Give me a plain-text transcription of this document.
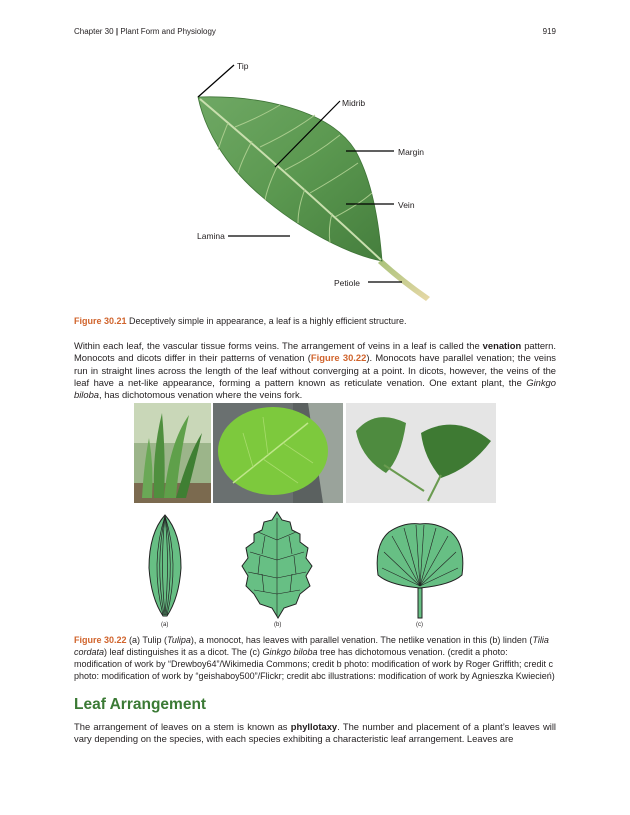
Chapter 30 | Plant Form and Physiology	919
Tip
Midrib
Margin
Vein
Lamina
Petiole
Figure 30.21 Deceptively simple in appearance, a leaf is a highly efficient structure.
Within each leaf, the vascular tissue forms veins. The arrangement of veins in a leaf is called the venation pattern. Monocots and dicots differ in their patterns of venation (Figure 30.22). Monocots have parallel venation; the veins run in straight lines across the length of the leaf without converging at a point. In dicots, however, the veins of the leaf have a net-like appearance, forming a pattern known as reticulate venation. One extant plant, the Ginkgo biloba, has dichotomous venation where the veins fork.
(a)	(b)	(c)
Figure 30.22 (a) Tulip (Tulipa), a monocot, has leaves with parallel venation. The netlike venation in this (b) linden (Tilia cordata) leaf distinguishes it as a dicot. The (c) Ginkgo biloba tree has dichotomous venation. (credit a photo: modification of work by “Drewboy64”/Wikimedia Commons; credit b photo: modification of work by Roger Griffith; credit c photo: modification of work by “geishaboy500”/Flickr; credit abc illustrations: modification of work by Agnieszka Kwiecień)
Leaf Arrangement
The arrangement of leaves on a stem is known as phyllotaxy. The number and placement of a plant’s leaves will vary depending on the species, with each species exhibiting a characteristic leaf arrangement. Leaves are
